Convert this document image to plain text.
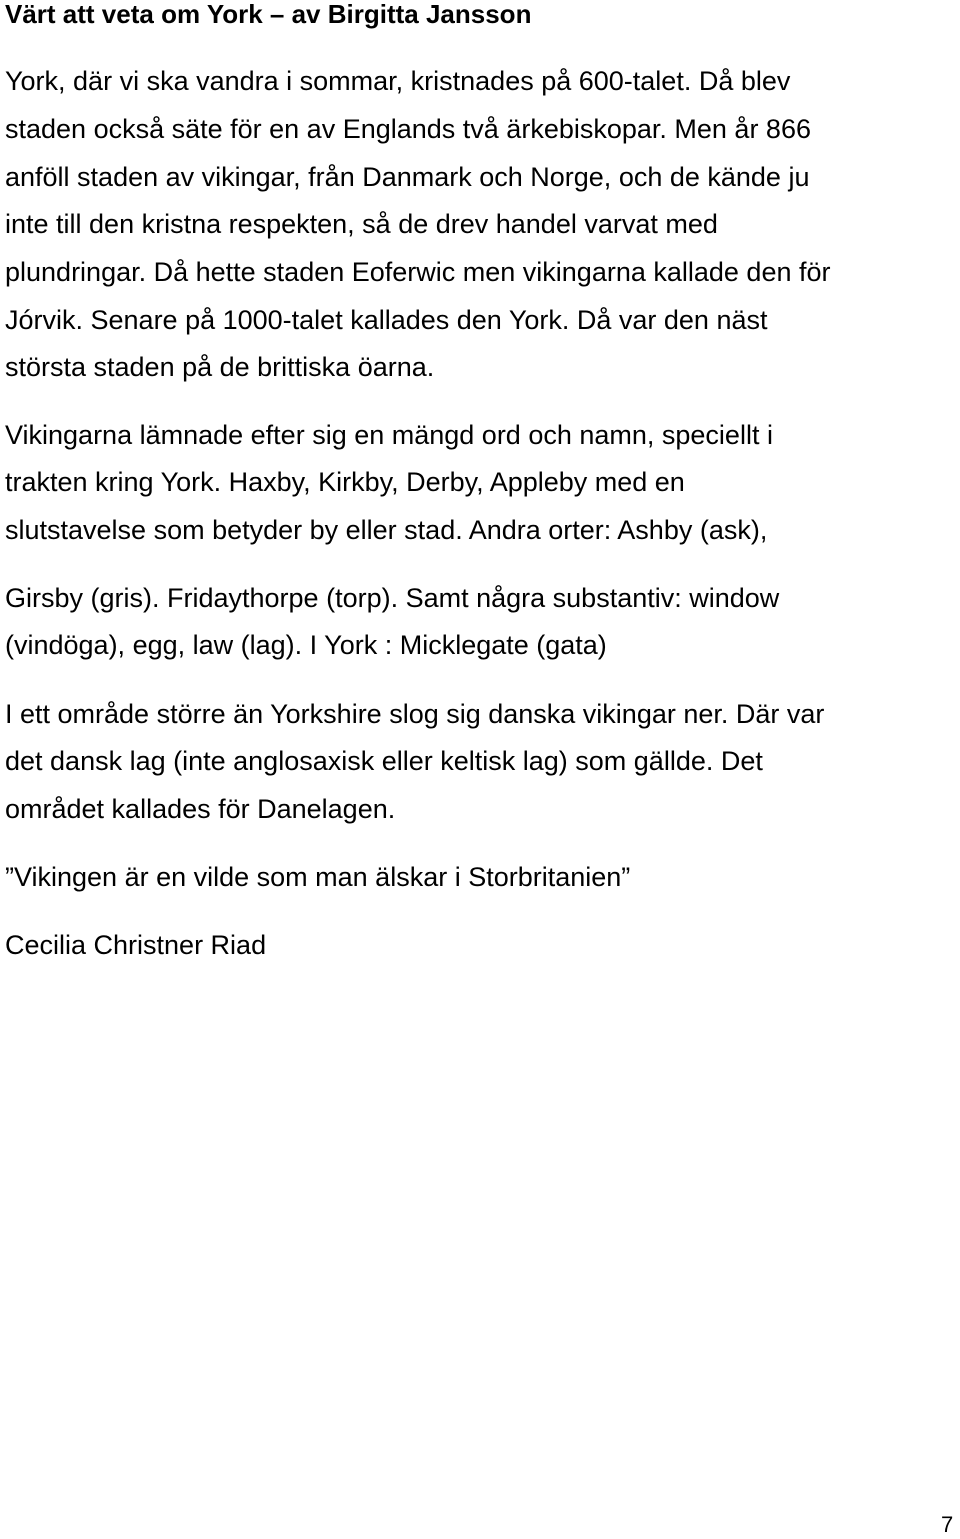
Värt att veta om York – av Birgitta Jansson
York, där vi ska vandra i sommar, kristnades på 600-talet. Då blev
staden också säte för en av Englands två ärkebiskopar. Men år 866
anföll staden av vikingar, från Danmark och Norge, och de kände ju
inte till den kristna respekten, så de drev handel varvat med
plundringar. Då hette staden Eoferwic men vikingarna kallade den för
Jórvik. Senare på 1000-talet kallades den York. Då var den näst
största staden på de brittiska öarna.
Vikingarna lämnade efter sig en mängd ord och namn, speciellt i
trakten kring York. Haxby, Kirkby, Derby, Appleby med en
slutstavelse som betyder by eller stad. Andra orter: Ashby (ask),
Girsby (gris). Fridaythorpe (torp). Samt några substantiv: window
(vindöga), egg, law (lag). I York : Micklegate (gata)
I ett område större än Yorkshire slog sig danska vikingar ner. Där var
det dansk lag (inte anglosaxisk eller keltisk lag) som gällde. Det
området kallades för Danelagen.
”Vikingen är en vilde som man älskar i Storbritanien”
Cecilia Christner Riad
7
